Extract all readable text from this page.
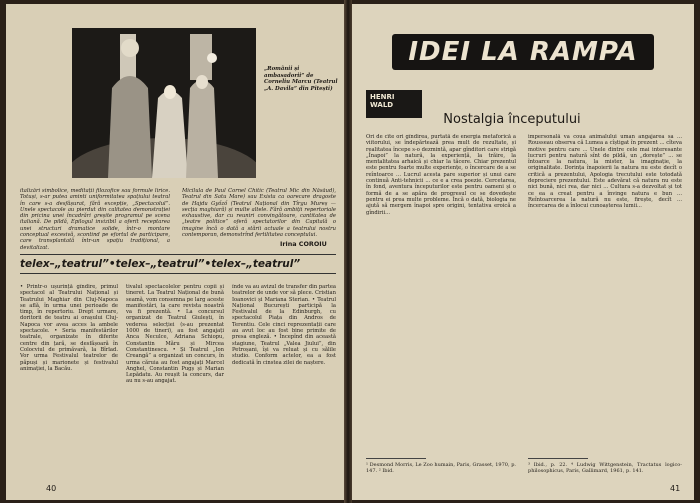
„Românii și ambasadorii” de Corneliu Marcu (Teatrul „A. Davila” din Pitești)
italizări simbolice, meditații filozofice sau formule lirice. Totuși, s-ar putea aminti uniformitatea spațiului teatral în care s-a desfășurat, fără excepție, „Spectacolul”. Unele spectacole au pierdut din calitatea demonstrației din pricina unei încadrări greșite programul pe scena italiană. De pildă, Epilogul invizibil a oferit receptarea unei structuri dramatice solide, într-o montare conceptual excesivă, scontind pe efortul de participare, care transplantată într-un spațiu tradițional, a devitalizat.
Micilula de Paul Cornel Chitic (Teatrul Mic din Năsăud), Teatrul din Satu Mare) sau Exista ca oarecare dragoste de Hajdu Győző (Teatrul Național din Tîrgu Mureș — secția maghiară) și multe altele. Fără ambiții repertoriale exhaustive, dar cu reuniri convingătoare, cantitatea de „teatre politice” oferă spectatorilor din Capitală o imagine încă o dată a stării actuale a teatrului nostru contemporan, demonstrînd fertilitatea conceptului.
Irina COROIU
telex–„teatrul”•telex–„teatrul”•telex–„teatrul”
• Printr-o ușurință gîndire, primul spectacol al Teatrului Național și Teatrului Maghiar din Cluj-Napoca se află, în urma unei perioade de timp, în repertoriu. Drept urmare, doritorii de teatru ai orașului Cluj-Napoca vor avea acces la ambele spectacole. • Seria manifestărilor teatrale, organizate în diferite centre din țară, se desfășoară în Colocviul de primăvară, la Bîrlad. Vor urma Festivalul teatrelor de păpuși și marionete și festivalul animației, la Bacău.
tivalul spectacolelor pentru copii și tineret. La Teatrul Național de bună seamă, vom consemna pe larg aceste manifestări, la care revista noastră va fi prezentă. • La concursul organizat de Teatrul Giulești, în vederea selecției (s-au prezentat 1000 de tineri), au fost angajați Anca Neculce, Adriana Schiopu, Constantin Măru și Mircea Constantinescu. • Și Teatrul „Ion Creangă” a organizat un concurs, în urma căruia au fost angajați Marcel Anghel, Constantin Pugș și Marian Lepădatu. Au reușit la concurs, dar au nu s-au angajat.
înde va au avizul de transfer din partea teatrelor de unde vor să plece. Cristian Ioanovici și Mariana Sterian. • Teatrul Național București participă la Festivalul de la Edinburgh, cu spectacolul Piața din Andros de Terentiu. Cele cinci reprezentații care au avut loc au fost bine primite de presa engleză. • Începînd din această stagiune, Teatrul „Valea Jiului”, din Petroșani, își va reluat și cu sălile studio. Conform actelor, ea a fost dedicată în cinstea zilei de naștere.
40
IDEI LA RAMPA
HENRI WALD
Nostalgia începutului
Ori de cîte ori gîndirea, purtată de energia metaforică a viitorului, se îndepărtează prea mult de rezultate, și realitatea începe s-o dezmintă, apar gînditori care strigă „Înapoi” la natură, la experiență, la trăire, la mentalitatea arhaică și chiar la tăcere. Chiar prezentul este pentru foarte multe experiențe, o încercare de a se reîntoarce ... Lucrul acesta pare superior și unui care continuă Anti-tehnicii ... ce e a crea poezie. Cercetarea, în fond, aventura începuturilor este pentru oameni și o formă de a se apăra de progresul ce se dovedește pentru ei prea multe probleme. Încă o dată, biologia ne ajută să mergem înapoi spre origini, tentativa eroică a gîndirii...
impersonală va coua animalului uman angajarea sa ... Rousseau observa că Lumea a cîștigat în prezent ... cîteva motive pentru care ... Unele dintre cele mai interesante lucruri pentru natură sînt de pildă, un „dorește” ... se întoarce la natura, la mister, la imaginație, la originalitate. Dorința înapoierii la natura nu este decît o critică a prezentului, Apologia trecutului este totodată depreciere prezentului. Este adevărat că natura nu este nici bună, nici rea, dar nici ... Cultura s-a dezvoltat și tot ce ea a creat pentru a învinge natura e bun ... Reîntoarcerea la natură nu este, firește, decît ... încercarea de a înlocui cunoașterea lumii...
¹ Desmond Morris, Le Zoo humain, Paris, Grasset, 1970, p. 147. ² Ibid.
³ Ibid., p. 22. ⁴ Ludwig Wittgenstein, Tractatus logico-philosophicus, Paris, Gallimard, 1961, p. 141.
41
